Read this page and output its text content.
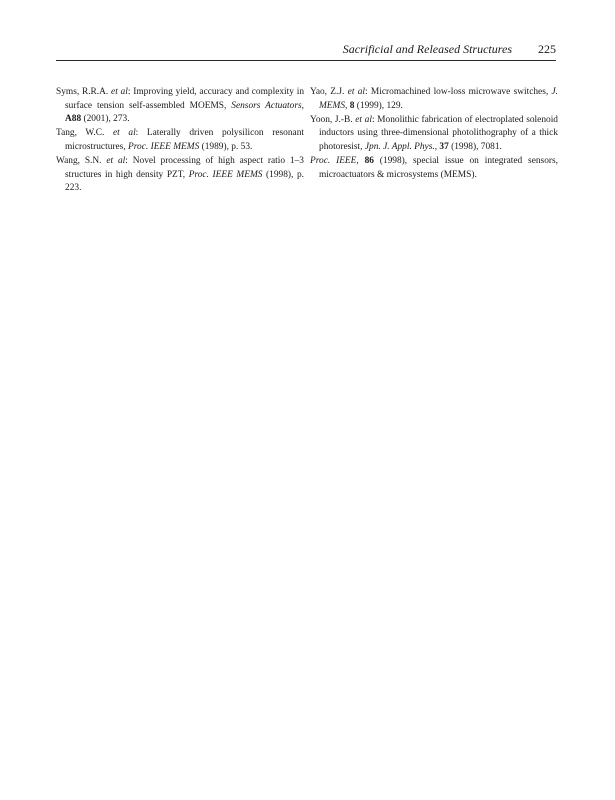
Sacrificial and Released Structures 225

Syms, R.R.A. et al: Improving yield, accuracy and complexity in surface tension self-assembled MOEMS, Sensors Actuators, A88 (2001), 273.

Tang, W.C. et al: Laterally driven polysilicon resonant microstructures, Proc. IEEE MEMS (1989), p. 53.

Wang, S.N. et al: Novel processing of high aspect ratio 1–3 structures in high density PZT, Proc. IEEE MEMS (1998), p. 223.

Yao, Z.J. et al: Micromachined low-loss microwave switches, J. MEMS, 8 (1999), 129.

Yoon, J.-B. et al: Monolithic fabrication of electroplated solenoid inductors using three-dimensional photolithography of a thick photoresist, Jpn. J. Appl. Phys., 37 (1998), 7081.

Proc. IEEE, 86 (1998), special issue on integrated sensors, microactuators & microsystems (MEMS).
